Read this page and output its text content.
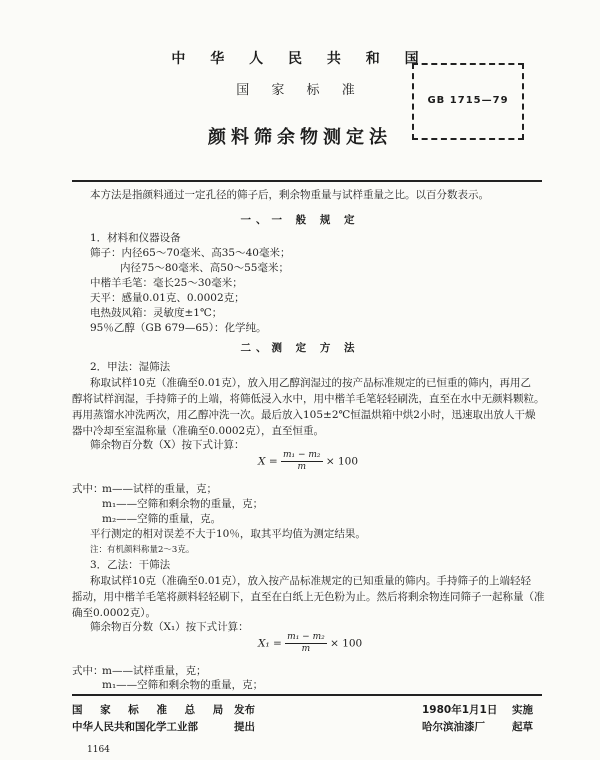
中 华 人 民 共 和 国
国 家 标 准
颜料筛余物测定法
GB 1715—79
本方法是指颜料通过一定孔径的筛子后，剩余物重量与试样重量之比。以百分数表示。
一、一 般 规 定
1．材料和仪器设备
筛子：内径65～70毫米、高35～40毫米；
内径75～80毫米、高50～55毫米；
中楷羊毛笔：毫长25～30毫米；
天平：感量0.01克、0.0002克；
电热鼓风箱：灵敏度±1℃；
95％乙醇（GB 679—65）：化学纯。
二、测 定 方 法
2．甲法：湿筛法
称取试样10克（准确至0.01克），放入用乙醇润湿过的按产品标准规定的已恒重的筛内，再用乙
醇将试样润湿，手持筛子的上端，将筛低浸入水中，用中楷羊毛笔轻轻刷洗，直至在水中无颜料颗粒。
再用蒸馏水冲洗两次，用乙醇冲洗一次。最后放入105±2℃恒温烘箱中烘2小时，迅速取出放人干燥
器中冷却至室温称量（准确至0.0002克），直至恒重。
筛余物百分数（X）按下式计算：
$X = \frac{\text{m₁ − m₂}}{m} \times 100$
式中：
m——试样的重量，克；
m₁——空筛和剩余物的重量，克；
m₂——空筛的重量，克。
平行测定的相对误差不大于10％，取其平均值为测定结果。
注：有机颜料称量2～3克。
3．乙法：干筛法
称取试样10克（准确至0.01克），放入按产品标准规定的已知重量的筛内。手持筛子的上端轻轻
摇动，用中楷羊毛笔将颜料轻轻刷下，直至在白纸上无色粉为止。然后将剩余物连同筛子一起称量（准
确至0.0002克）。
筛余物百分数（X₁）按下式计算：
$X_1 = \frac{\text{m₁ − m₂}}{m} \times 100$
式中：
m——试样重量，克；
m₁——空筛和剩余物的重量，克；
国 家 标 准 总 局 发布	1980年1月1日 实施
中华人民共和国化学工业部	提出	哈尔滨油漆厂	起草
1164
